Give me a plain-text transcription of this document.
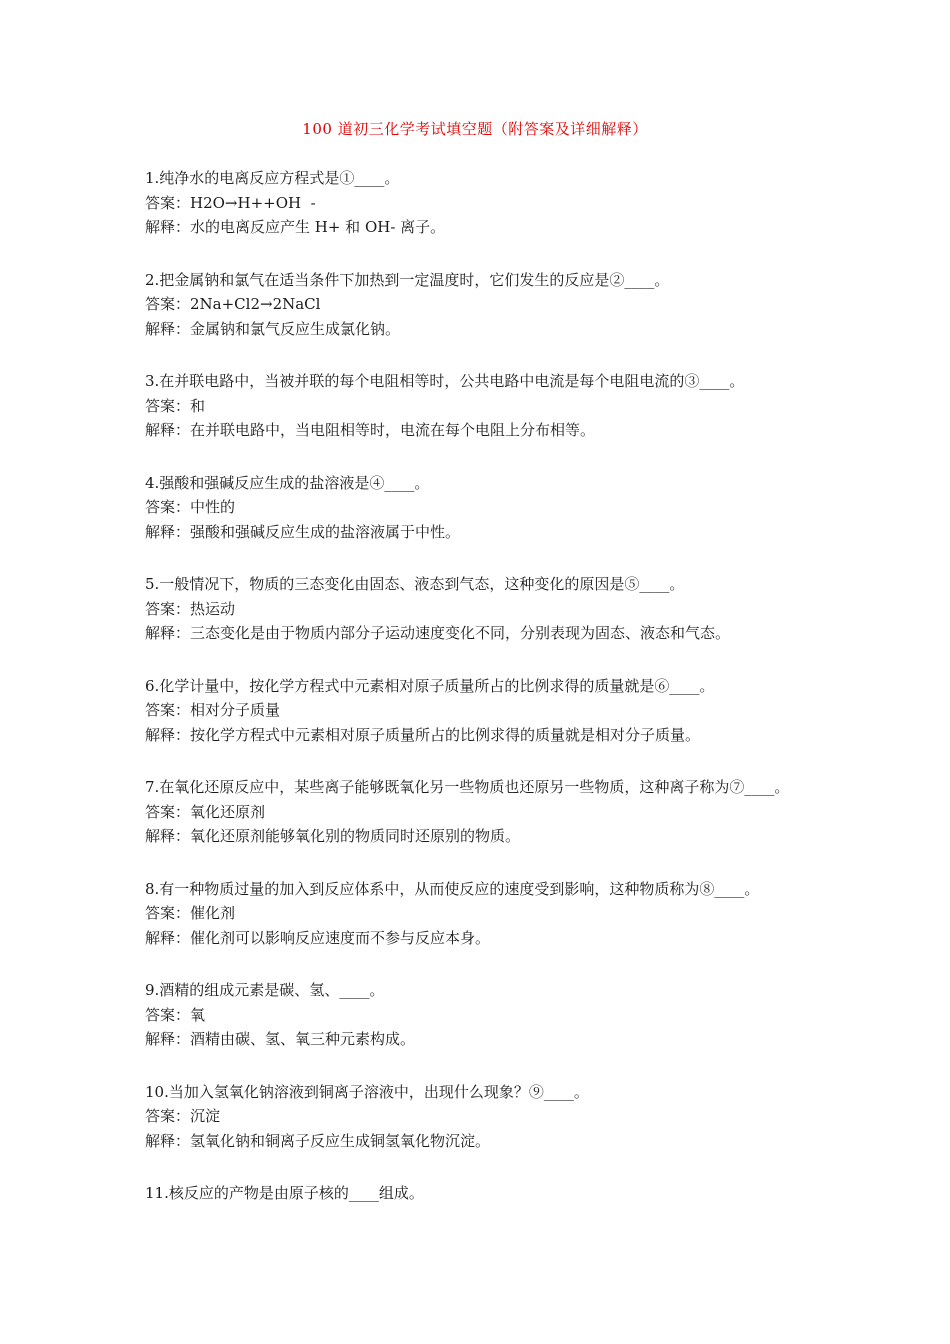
100 道初三化学考试填空题（附答案及详细解释）
1.纯净水的电离反应方程式是①____。
答案：H2O→H++OH  -
解释：水的电离反应产生 H+ 和 OH- 离子。
2.把金属钠和氯气在适当条件下加热到一定温度时，它们发生的反应是②____。
答案：2Na+Cl2→2NaCl
解释：金属钠和氯气反应生成氯化钠。
3.在并联电路中，当被并联的每个电阻相等时，公共电路中电流是每个电阻电流的③____。
答案：和
解释：在并联电路中，当电阻相等时，电流在每个电阻上分布相等。
4.强酸和强碱反应生成的盐溶液是④____。
答案：中性的
解释：强酸和强碱反应生成的盐溶液属于中性。
5.一般情况下，物质的三态变化由固态、液态到气态，这种变化的原因是⑤____。
答案：热运动
解释：三态变化是由于物质内部分子运动速度变化不同，分别表现为固态、液态和气态。
6.化学计量中，按化学方程式中元素相对原子质量所占的比例求得的质量就是⑥____。
答案：相对分子质量
解释：按化学方程式中元素相对原子质量所占的比例求得的质量就是相对分子质量。
7.在氧化还原反应中，某些离子能够既氧化另一些物质也还原另一些物质，这种离子称为⑦____。
答案：氧化还原剂
解释：氧化还原剂能够氧化别的物质同时还原别的物质。
8.有一种物质过量的加入到反应体系中，从而使反应的速度受到影响，这种物质称为⑧____。
答案：催化剂
解释：催化剂可以影响反应速度而不参与反应本身。
9.酒精的组成元素是碳、氢、____。
答案：氧
解释：酒精由碳、氢、氧三种元素构成。
10.当加入氢氧化钠溶液到铜离子溶液中，出现什么现象？⑨____。
答案：沉淀
解释：氢氧化钠和铜离子反应生成铜氢氧化物沉淀。
11.核反应的产物是由原子核的____组成。
